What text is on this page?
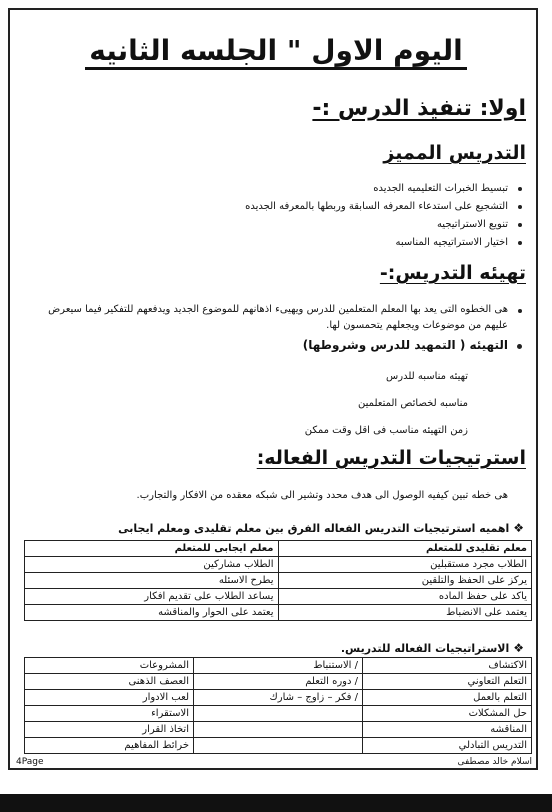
اليوم الاول " الجلسه الثانيه
اولا: تنفيذ الدرس :-
التدريس المميز
تبسيط الخبرات التعليميه الجديده
التشجيع على استدعاء المعرفه السابقة وربطها بالمعرفه الجديده
تنويع الاستراتيجيه
اختيار الاستراتيجيه المناسبه
تهيئه التدريس:-
هى الخطوه التى يعد بها المعلم المتعلمين للدرس ويهيىء اذهانهم للموضوع الجديد ويدفعهم للتفكير فيما سيعرض عليهم من موضوعات ويجعلهم يتحمسون لها.
التهيئه ( التمهيد للدرس وشروطها)
تهيئه مناسبه للدرس
مناسبه لخصائص المتعلمين
زمن التهيئه مناسب فى اقل وقت ممكن
استرتيجيات التدريس الفعاله:
هى خطه تبين كيفيه الوصول الى هدف محدد وتشير الى شبكه معقده من الافكار والتجارب.
❖اهميه استرتيجيات التدريس الفعاله الفرق بين معلم تقليدى ومعلم ايجابى
معلم تقليدى للمتعلم	معلم ايجابى للمتعلم
الطلاب مجرد مستقبلين	الطلاب مشاركين
يركز على الحفظ والتلقين	يطرح الاسئله
ياكد على حفظ الماده	يساعد الطلاب على تقديم افكار
يعتمد على الانضباط	يعتمد على الحوار والمناقشه
❖الاستراتيجيات الفعاله للتدريس.
الاكتشاف	/ الاستنباط	المشروعات
التعلم التعاوني	/ دوره التعلم	العصف الذهنى
التعلم بالعمل	/ فكر – زاوج – شارك	لعب الادوار
حل المشكلات		الاستقراء
المناقشه		اتخاذ القرار
التدريس التبادلي		خرائط المفاهيم
4Page	اسلام خالد مصطفى
